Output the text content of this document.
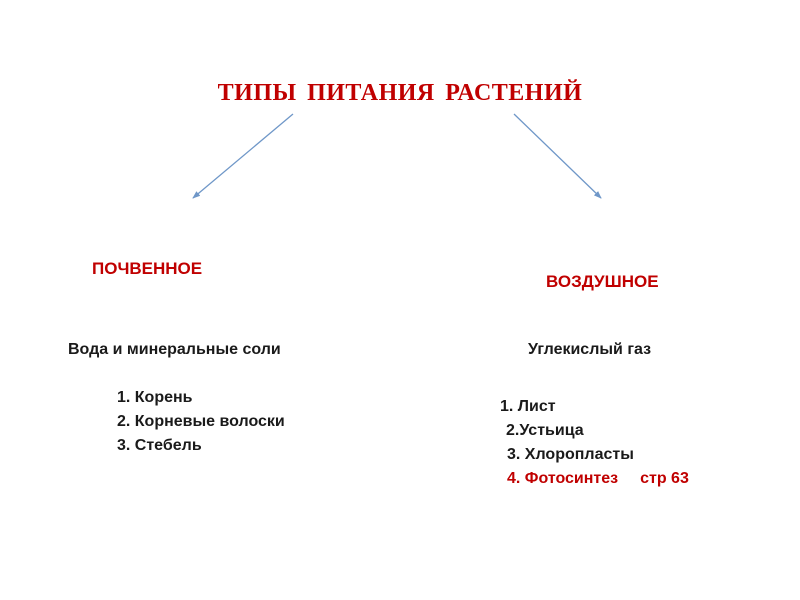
ТИПЫ ПИТАНИЯ РАСТЕНИЙ
ПОЧВЕННОЕ
ВОЗДУШНОЕ
Вода и минеральные соли	Углекислый газ
1. Корень
2. Корневые волоски
3. Стебель
1. Лист
2.Устьица
3. Хлоропласты
4. Фотосинтез стр 63
